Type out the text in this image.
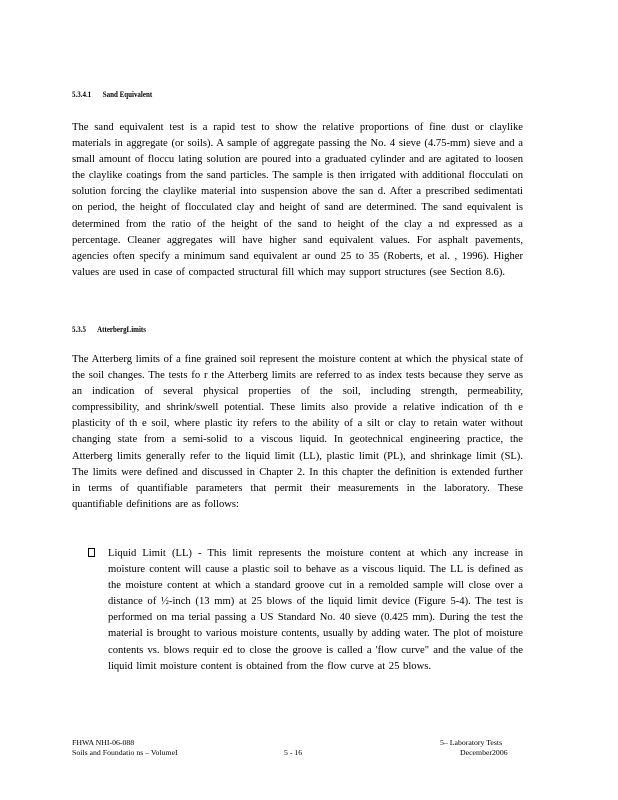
5.3.4.1 Sand Equivalent
The sand equivalent test is a rapid test to show the relative proportions of fine dust or claylike materials in aggregate (or soils). A sample of aggregate passing the No. 4 sieve (4.75-mm) sieve and a small amount of floccu lating solution are poured into a graduated cylinder and are agitated to loosen the claylike coatings from the sand particles. The sample is then irrigated with additional flocculati on solution forcing the claylike material into suspension above the san d. After a prescribed sedimentati on period, the height of flocculated clay and height of sand are determined. The sand equivalent is determined from the ratio of the height of the sand to height of the clay a nd expressed as a percentage. Cleaner aggregates will have higher sand equivalent values. For asphalt pavements, agencies often specify a minimum sand equivalent ar ound 25 to 35 (Roberts, et al. , 1996). Higher values are used in case of compacted structural fill which may support structures (see Section 8.6).
5.3.5 AtterbergLimits
The Atterberg limits of a fine grained soil represent the moisture content at which the physical state of the soil changes. The tests fo r the Atterberg limits are referred to as index tests because they serve as an indication of several physical properties of the soil, including strength, permeability, compressibility, and shrink/swell potential. These limits also provide a relative indication of th e plasticity of th e soil, where plastic ity refers to the ability of a silt or clay to retain water without changing state from a semi-solid to a viscous liquid. In geotechnical engineering practice, the Atterberg limits generally refer to the liquid limit (LL), plastic limit (PL), and shrinkage limit (SL). The limits were defined and discussed in Chapter 2. In this chapter the definition is extended further in terms of quantifiable parameters that permit their measurements in the laboratory. These quantifiable definitions are as follows:
Liquid Limit (LL) - This limit represents the moisture content at which any increase in moisture content will cause a plastic soil to behave as a viscous liquid. The LL is defined as the moisture content at which a standard groove cut in a remolded sample will close over a distance of ½-inch (13 mm) at 25 blows of the liquid limit device (Figure 5-4). The test is performed on ma terial passing a US Standard No. 40 sieve (0.425 mm). During the test the material is brought to various moisture contents, usually by adding water. The plot of moisture contents vs. blows requir ed to close the groove is called a 'flow curve" and the value of the liquid limit moisture content is obtained from the flow curve at 25 blows.
FHWA NHI-06-088
Soils and Foundatio ns – VolumeI	5 - 16
5– Laboratory Tests
December2006
